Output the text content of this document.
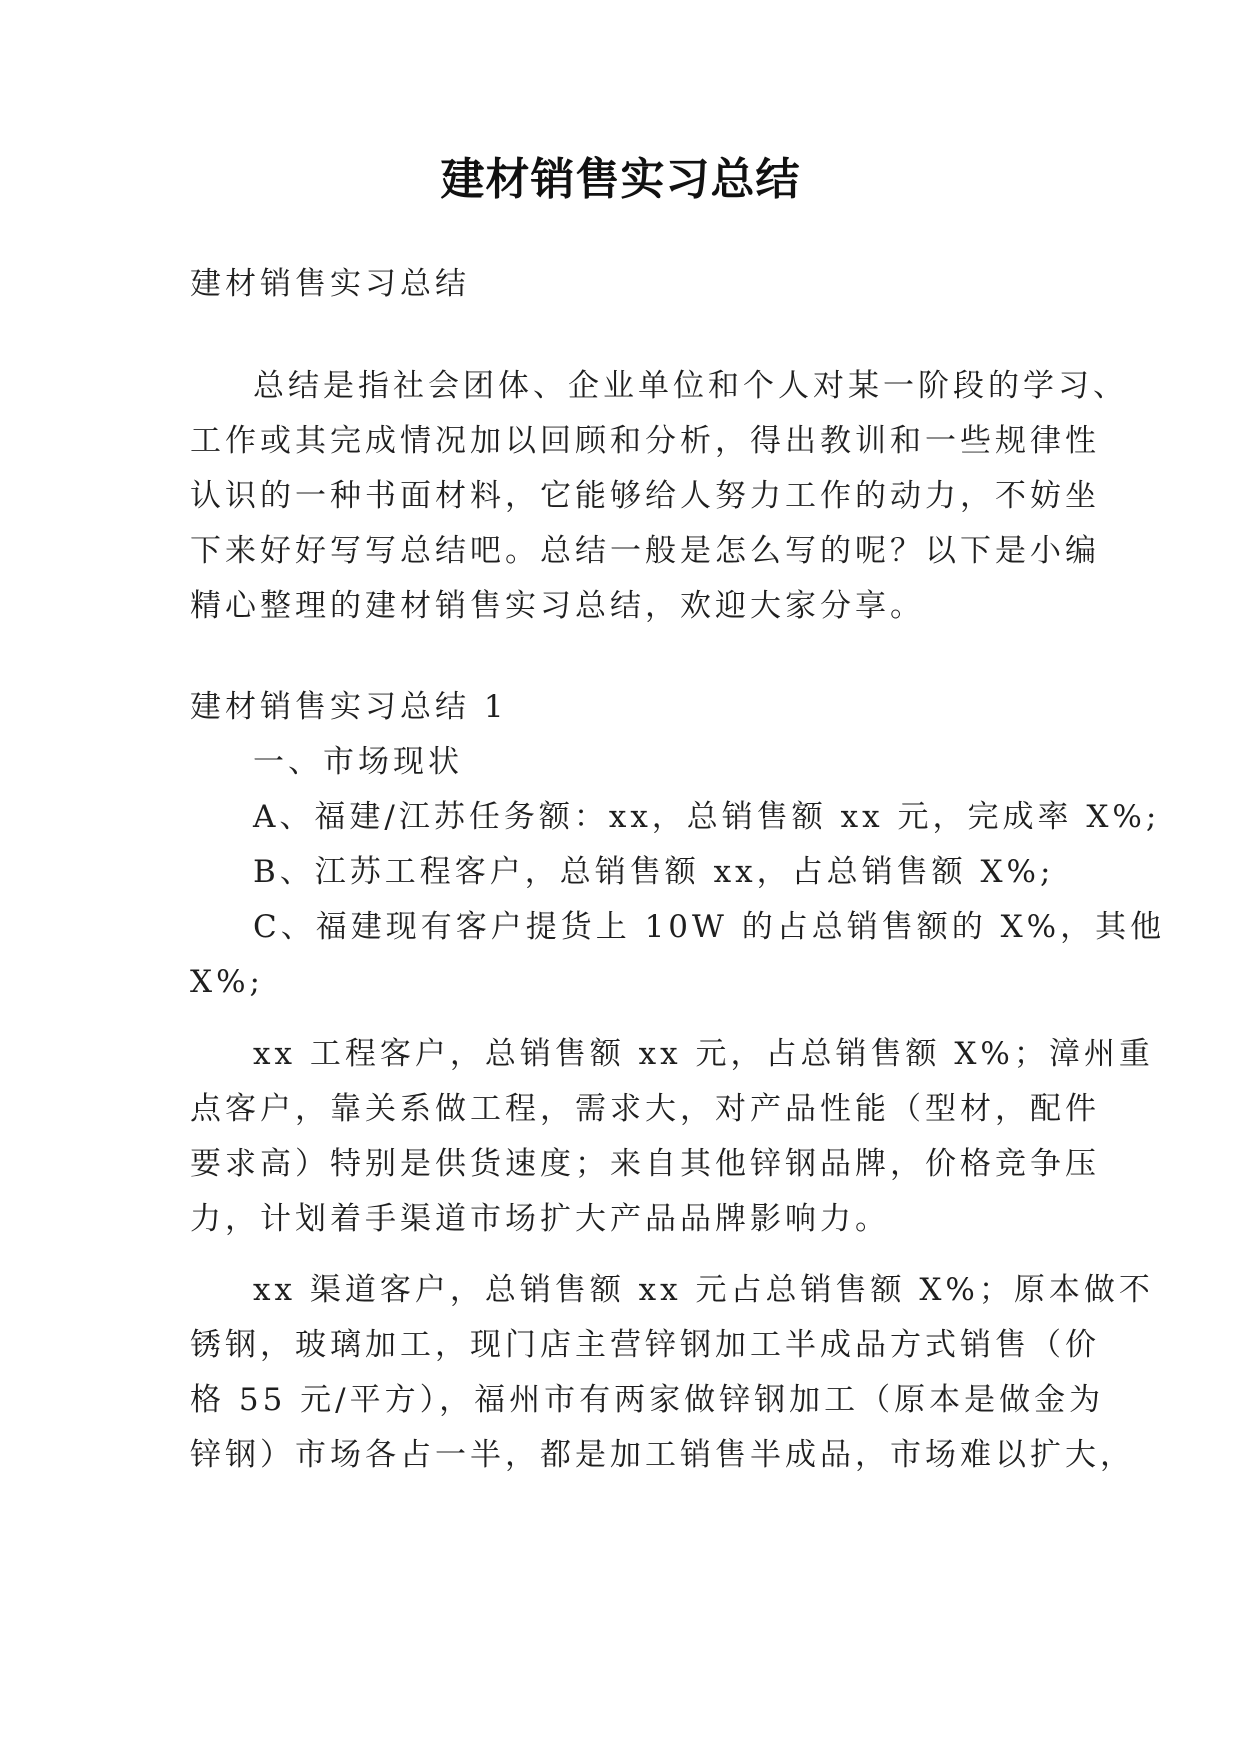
建材销售实习总结

建材销售实习总结

总结是指社会团体、企业单位和个人对某一阶段的学习、

工作或其完成情况加以回顾和分析，得出教训和一些规律性

认识的一种书面材料，它能够给人努力工作的动力，不妨坐

下来好好写写总结吧。总结一般是怎么写的呢？以下是小编

精心整理的建材销售实习总结，欢迎大家分享。

建材销售实习总结 1

一、市场现状

A、福建/江苏任务额：xx，总销售额 xx 元，完成率 X%;

B、江苏工程客户，总销售额 xx，占总销售额 X%;

C、福建现有客户提货上 10W 的占总销售额的 X%，其他

X%;

xx 工程客户，总销售额 xx 元，占总销售额 X%；漳州重

点客户，靠关系做工程，需求大，对产品性能（型材，配件

要求高）特别是供货速度；来自其他锌钢品牌，价格竞争压

力，计划着手渠道市场扩大产品品牌影响力。

xx 渠道客户，总销售额 xx 元占总销售额 X%；原本做不

锈钢，玻璃加工，现门店主营锌钢加工半成品方式销售（价

格 55 元/平方），福州市有两家做锌钢加工（原本是做金为

锌钢）市场各占一半，都是加工销售半成品，市场难以扩大，
